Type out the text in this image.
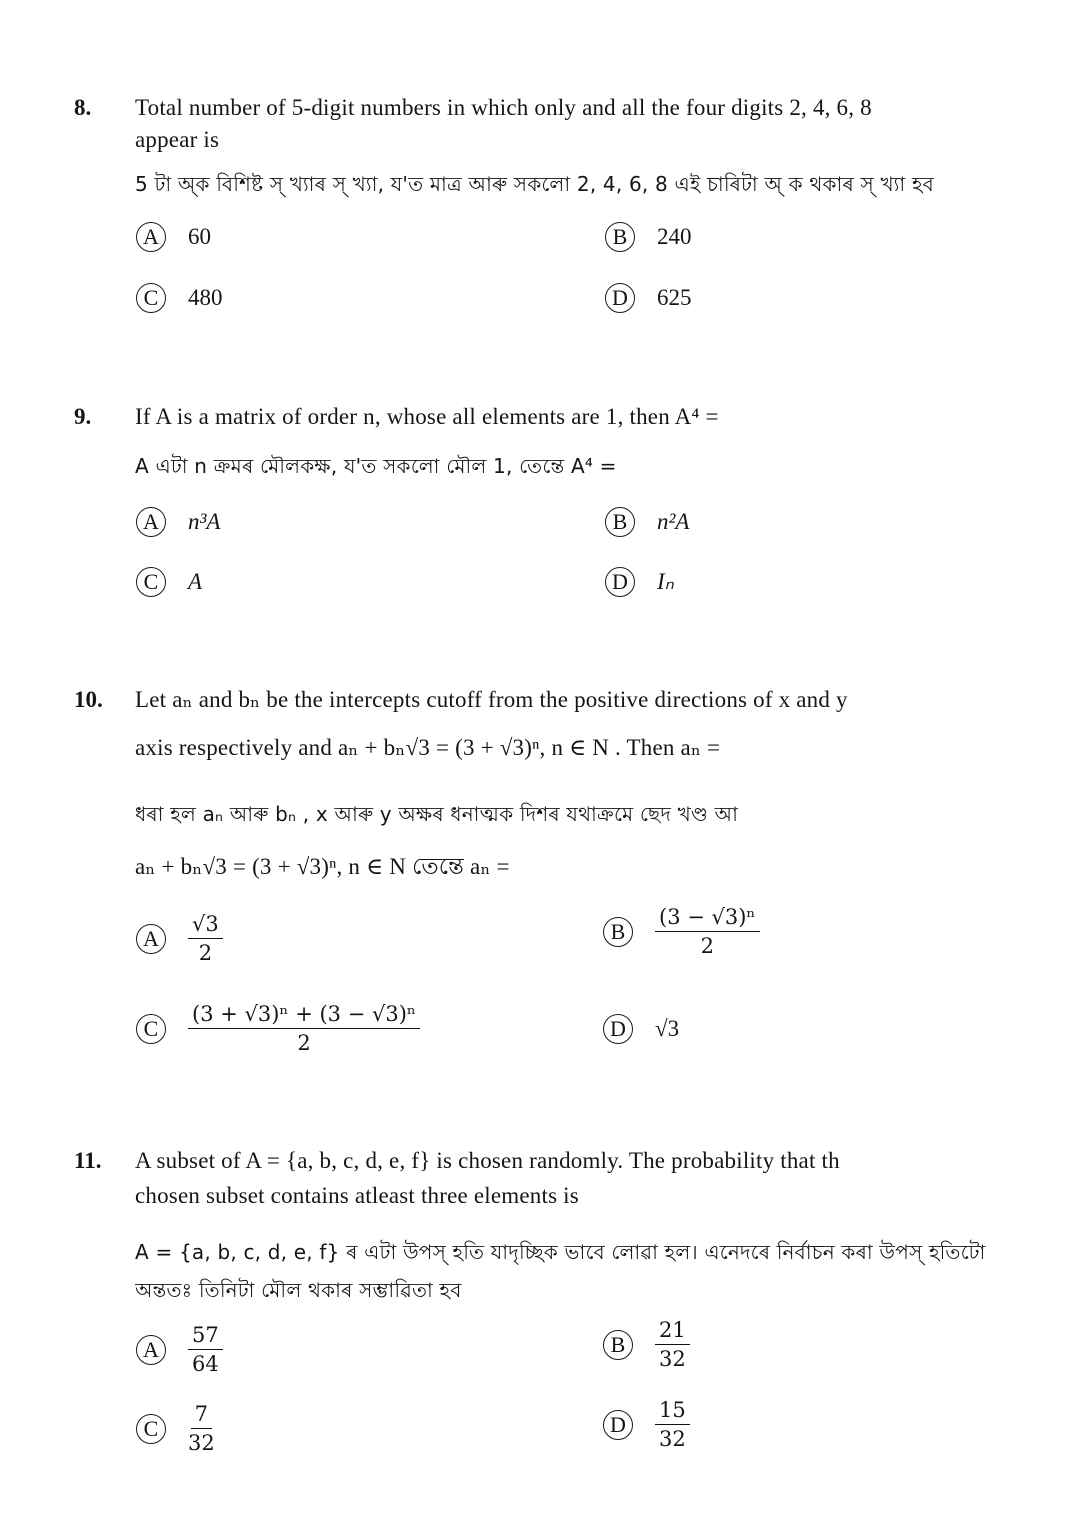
8. Total number of 5-digit numbers in which only and all the four digits 2, 4, 6, 8
appear is
5 টা অ্ক বিশিষ্ট স্ খ্যাৰ স্ খ্যা, য'ত মাত্ৰ আৰু সকলো 2, 4, 6, 8 এই চাৰিটা অ্ ক থকাৰ স্ খ্যা হব
A	60	B	240
C	480	D	625
9. If A is a matrix of order n, whose all elements are 1, then A⁴ =
A এটা n ক্ৰমৰ মৌলকক্ষ, য'ত সকলো মৌল 1, তেন্তে A⁴ =
A	n³A	B	n²A
C	A	D	Iₙ
10. Let aₙ and bₙ be the intercepts cutoff from the positive directions of x and y
axis respectively and aₙ + bₙ√3 = (3 + √3)ⁿ, n ∈ N . Then aₙ =
ধৰা হল aₙ আৰু bₙ , x আৰু y অক্ষৰ ধনাত্মক দিশৰ যথাক্ৰমে ছেদ খণ্ড আ
aₙ + bₙ√3 = (3 + √3)ⁿ, n ∈ N তেন্তে aₙ =
A	$\frac{√3}{2}$	B	$\frac{\text{(3 − √3)ⁿ}}{2}$
C	$\frac{\text{(3 + √3)ⁿ + (3 − √3)ⁿ}}{2}$	D	√3
11. A subset of A = {a, b, c, d, e, f} is chosen randomly. The probability that th
chosen subset contains atleast three elements is
A = {a, b, c, d, e, f} ৰ এটা উপস্ হতি যাদৃচ্ছিক ভাবে লোৱা হল। এনেদৰে নিৰ্বাচন কৰা উপস্ হতিটো
অন্ততঃ তিনিটা মৌল থকাৰ সম্ভাৱিতা হব
A	$\frac{57}{64}$	B	$\frac{21}{32}$
C	$\frac{7}{32}$	D	$\frac{15}{32}$
